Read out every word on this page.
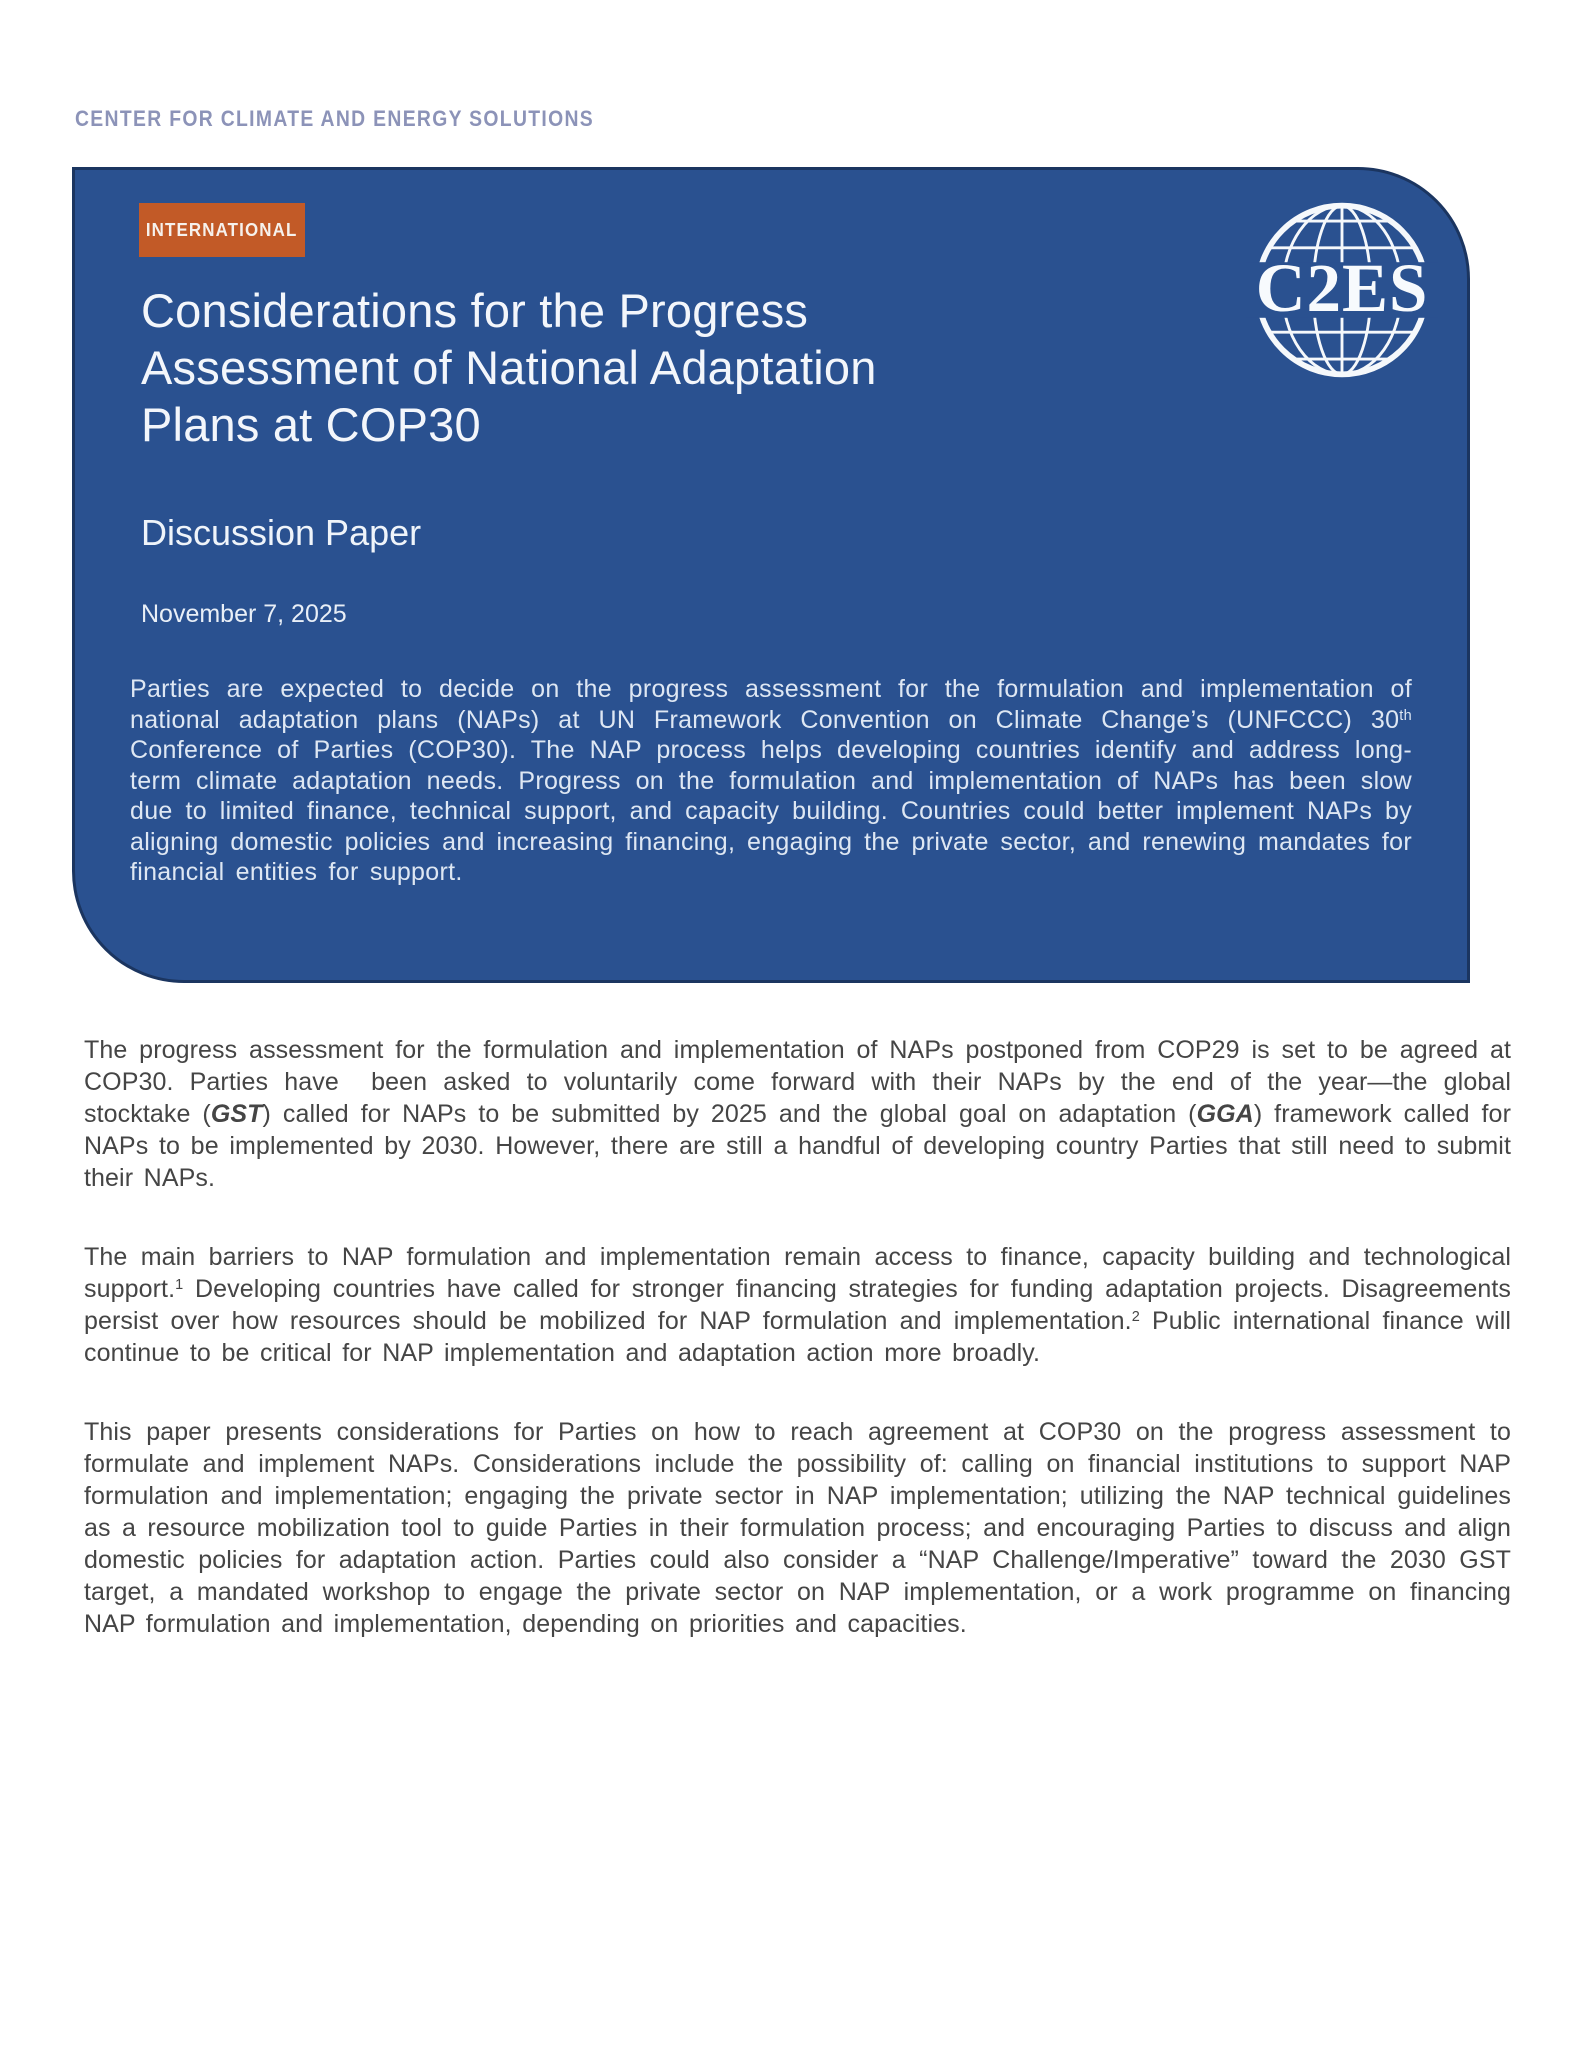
CENTER FOR CLIMATE AND ENERGY SOLUTIONS
INTERNATIONAL
Considerations for the Progress
Assessment of National Adaptation
Plans at COP30
Discussion Paper
November 7, 2025

Parties are expected to decide on the progress assessment for the formulation and implementation of national adaptation plans (NAPs) at UN Framework Convention on Climate Change’s (UNFCCC) 30th Conference of Parties (COP30). The NAP process helps developing countries identify and address long-term climate adaptation needs. Progress on the formulation and implementation of NAPs has been slow due to limited finance, technical support, and capacity building. Countries could better implement NAPs by aligning domestic policies and increasing financing, engaging the private sector, and renewing mandates for financial entities for support.

C2ES

The progress assessment for the formulation and implementation of NAPs postponed from COP29 is set to be agreed at COP30. Parties have  been asked to voluntarily come forward with their NAPs by the end of the year—the global stocktake (GST) called for NAPs to be submitted by 2025 and the global goal on adaptation (GGA) framework called for NAPs to be implemented by 2030. However, there are still a handful of developing country Parties that still need to submit their NAPs.

The main barriers to NAP formulation and implementation remain access to finance, capacity building and technological support.$^1$ Developing countries have called for stronger financing strategies for funding adaptation projects. Disagreements persist over how resources should be mobilized for NAP formulation and implementation.$^2$ Public international finance will continue to be critical for NAP implementation and adaptation action more broadly.

This paper presents considerations for Parties on how to reach agreement at COP30 on the progress assessment to formulate and implement NAPs. Considerations include the possibility of: calling on financial institutions to support NAP formulation and implementation; engaging the private sector in NAP implementation; utilizing the NAP technical guidelines as a resource mobilization tool to guide Parties in their formulation process; and encouraging Parties to discuss and align domestic policies for adaptation action. Parties could also consider a “NAP Challenge/Imperative” toward the 2030 GST target, a mandated workshop to engage the private sector on NAP implementation, or a work programme on financing NAP formulation and implementation, depending on priorities and capacities.
